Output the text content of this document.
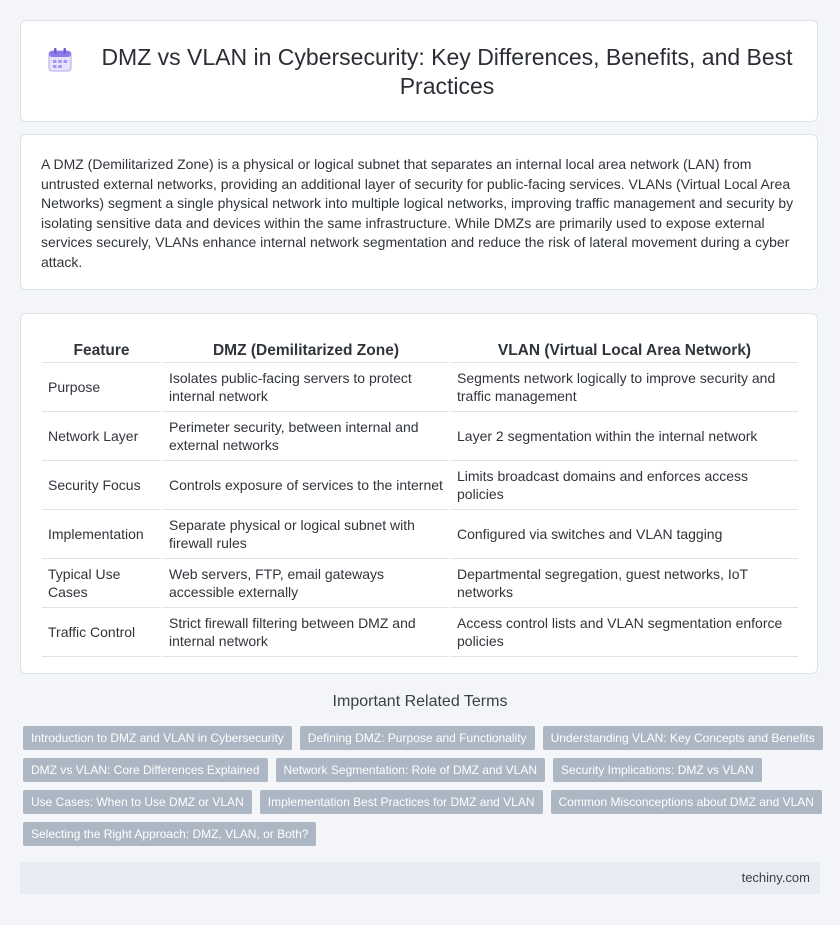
DMZ vs VLAN in Cybersecurity: Key Differences, Benefits, and Best Practices

A DMZ (Demilitarized Zone) is a physical or logical subnet that separates an internal local area network (LAN) from untrusted external networks, providing an additional layer of security for public-facing services. VLANs (Virtual Local Area Networks) segment a single physical network into multiple logical networks, improving traffic management and security by isolating sensitive data and devices within the same infrastructure. While DMZs are primarily used to expose external services securely, VLANs enhance internal network segmentation and reduce the risk of lateral movement during a cyber attack.

Feature	DMZ (Demilitarized Zone)	VLAN (Virtual Local Area Network)
Purpose	Isolates public-facing servers to protect internal network	Segments network logically to improve security and traffic management
Network Layer	Perimeter security, between internal and external networks	Layer 2 segmentation within the internal network
Security Focus	Controls exposure of services to the internet	Limits broadcast domains and enforces access policies
Implementation	Separate physical or logical subnet with firewall rules	Configured via switches and VLAN tagging
Typical Use Cases	Web servers, FTP, email gateways accessible externally	Departmental segregation, guest networks, IoT networks
Traffic Control	Strict firewall filtering between DMZ and internal network	Access control lists and VLAN segmentation enforce policies
Important Related Terms
Introduction to DMZ and VLAN in Cybersecurity	Defining DMZ: Purpose and Functionality	Understanding VLAN: Key Concepts and Benefits
DMZ vs VLAN: Core Differences Explained	Network Segmentation: Role of DMZ and VLAN	Security Implications: DMZ vs VLAN
Use Cases: When to Use DMZ or VLAN	Implementation Best Practices for DMZ and VLAN	Common Misconceptions about DMZ and VLAN
Selecting the Right Approach: DMZ, VLAN, or Both?
techiny.com
